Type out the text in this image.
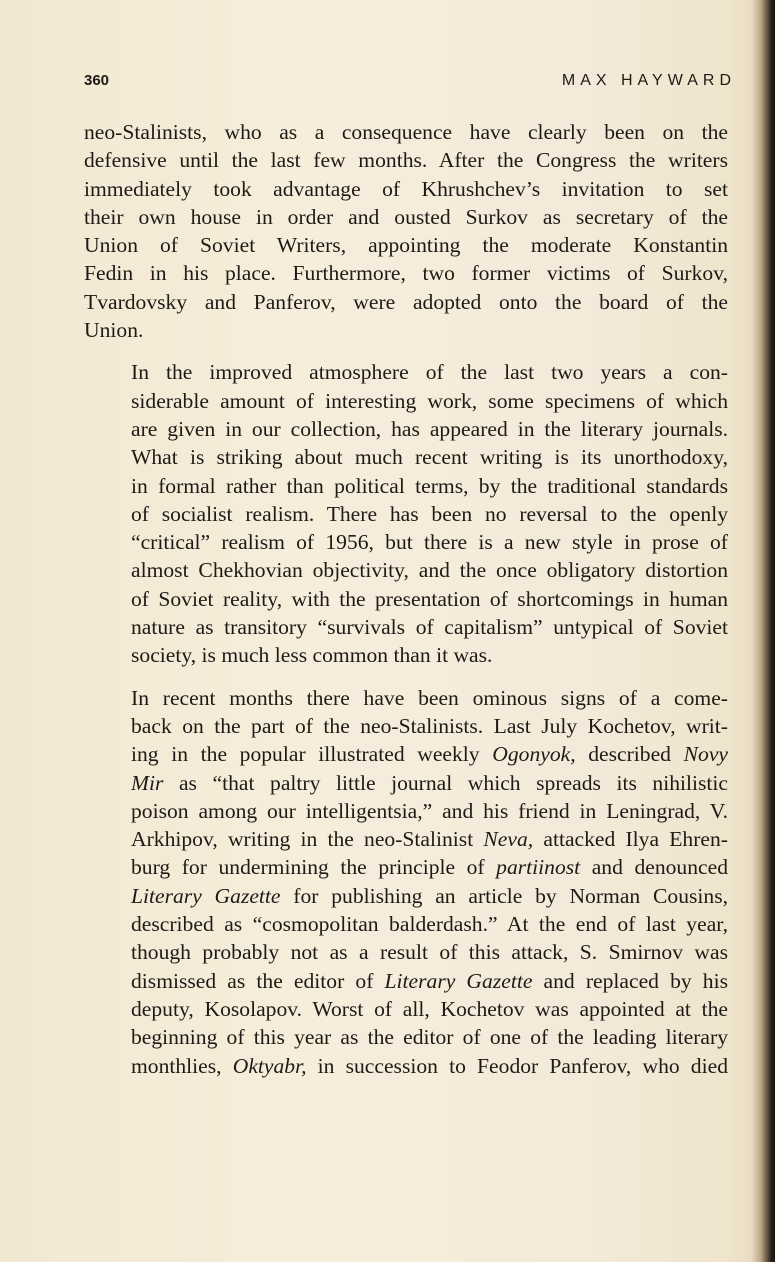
360	MAX HAYWARD

neo-Stalinists, who as a consequence have clearly been on the
defensive until the last few months. After the Congress the writers
immediately took advantage of Khrushchev’s invitation to set
their own house in order and ousted Surkov as secretary of the
Union of Soviet Writers, appointing the moderate Konstantin
Fedin in his place. Furthermore, two former victims of Surkov,
Tvardovsky and Panferov, were adopted onto the board of the
Union.

In the improved atmosphere of the last two years a con-
siderable amount of interesting work, some specimens of which
are given in our collection, has appeared in the literary journals.
What is striking about much recent writing is its unorthodoxy,
in formal rather than political terms, by the traditional standards
of socialist realism. There has been no reversal to the openly
“critical” realism of 1956, but there is a new style in prose of
almost Chekhovian objectivity, and the once obligatory distortion
of Soviet reality, with the presentation of shortcomings in human
nature as transitory “survivals of capitalism” untypical of Soviet
society, is much less common than it was.

In recent months there have been ominous signs of a come-
back on the part of the neo-Stalinists. Last July Kochetov, writ-
ing in the popular illustrated weekly Ogonyok, described Novy
Mir as “that paltry little journal which spreads its nihilistic
poison among our intelligentsia,” and his friend in Leningrad, V.
Arkhipov, writing in the neo-Stalinist Neva, attacked Ilya Ehren-
burg for undermining the principle of partiinost and denounced
Literary Gazette for publishing an article by Norman Cousins,
described as “cosmopolitan balderdash.” At the end of last year,
though probably not as a result of this attack, S. Smirnov was
dismissed as the editor of Literary Gazette and replaced by his
deputy, Kosolapov. Worst of all, Kochetov was appointed at the
beginning of this year as the editor of one of the leading literary
monthlies, Oktyabr, in succession to Feodor Panferov, who died
